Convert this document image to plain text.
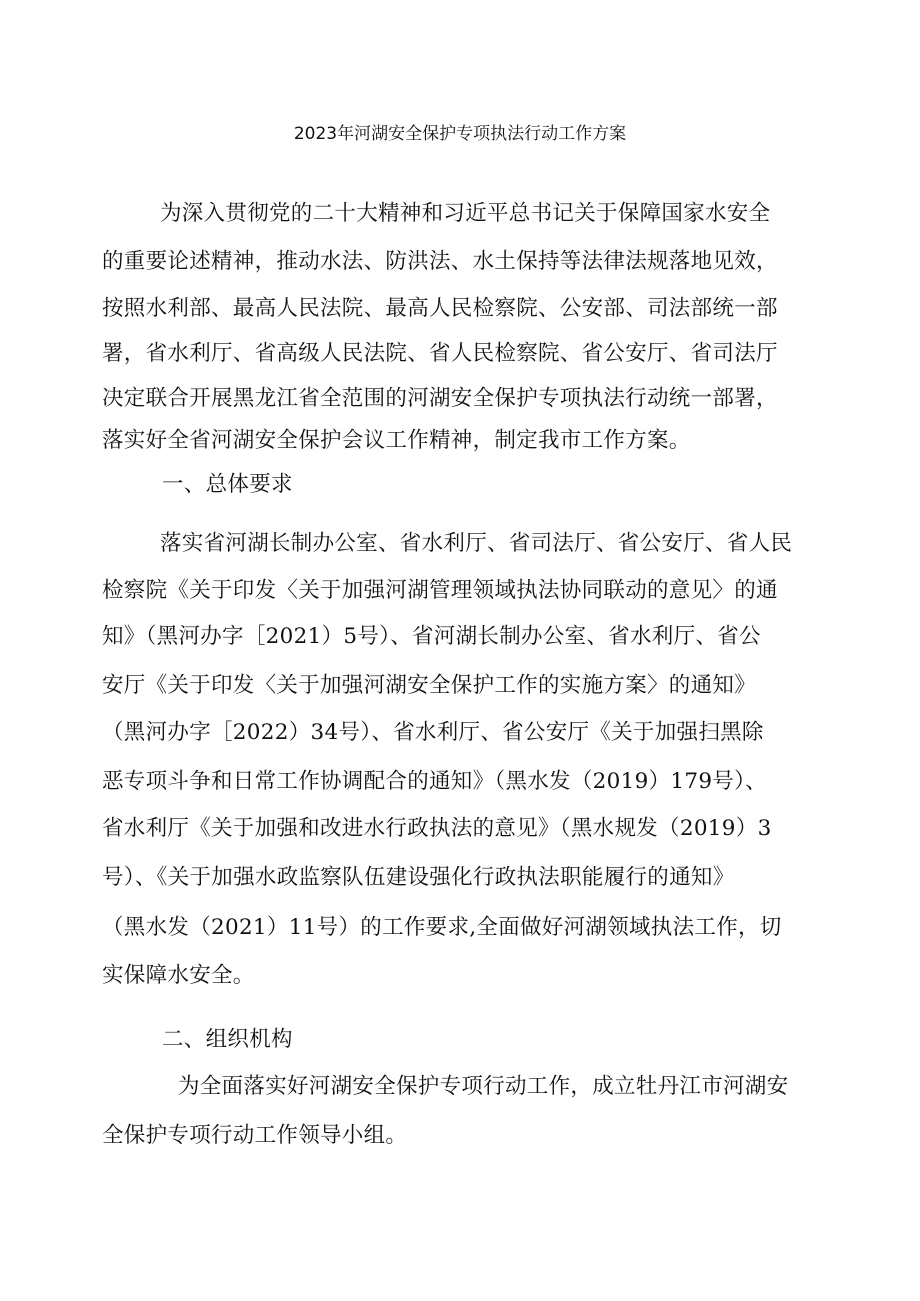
2023年河湖安全保护专项执法行动工作方案
为深入贯彻党的二十大精神和习近平总书记关于保障国家水安全
的重要论述精神，推动水法、防洪法、水土保持等法律法规落地见效，
按照水利部、最高人民法院、最高人民检察院、公安部、司法部统一部
署，省水利厅、省高级人民法院、省人民检察院、省公安厅、省司法厅
决定联合开展黑龙江省全范围的河湖安全保护专项执法行动统一部署，
落实好全省河湖安全保护会议工作精神，制定我市工作方案。
一、总体要求
落实省河湖长制办公室、省水利厅、省司法厅、省公安厅、省人民
检察院《关于印发〈关于加强河湖管理领域执法协同联动的意见〉的通
知》（黑河办字［2021）5号）、省河湖长制办公室、省水利厅、省公
安厅《关于印发〈关于加强河湖安全保护工作的实施方案〉的通知》
（黑河办字［2022）34号）、省水利厅、省公安厅《关于加强扫黑除
恶专项斗争和日常工作协调配合的通知》（黑水发（2019）179号）、
省水利厅《关于加强和改进水行政执法的意见》（黑水规发（2019）3
号）、《关于加强水政监察队伍建设强化行政执法职能履行的通知》
（黑水发（2021）11号）的工作要求,全面做好河湖领域执法工作，切
实保障水安全。
二、组织机构
为全面落实好河湖安全保护专项行动工作，成立牡丹江市河湖安
全保护专项行动工作领导小组。
